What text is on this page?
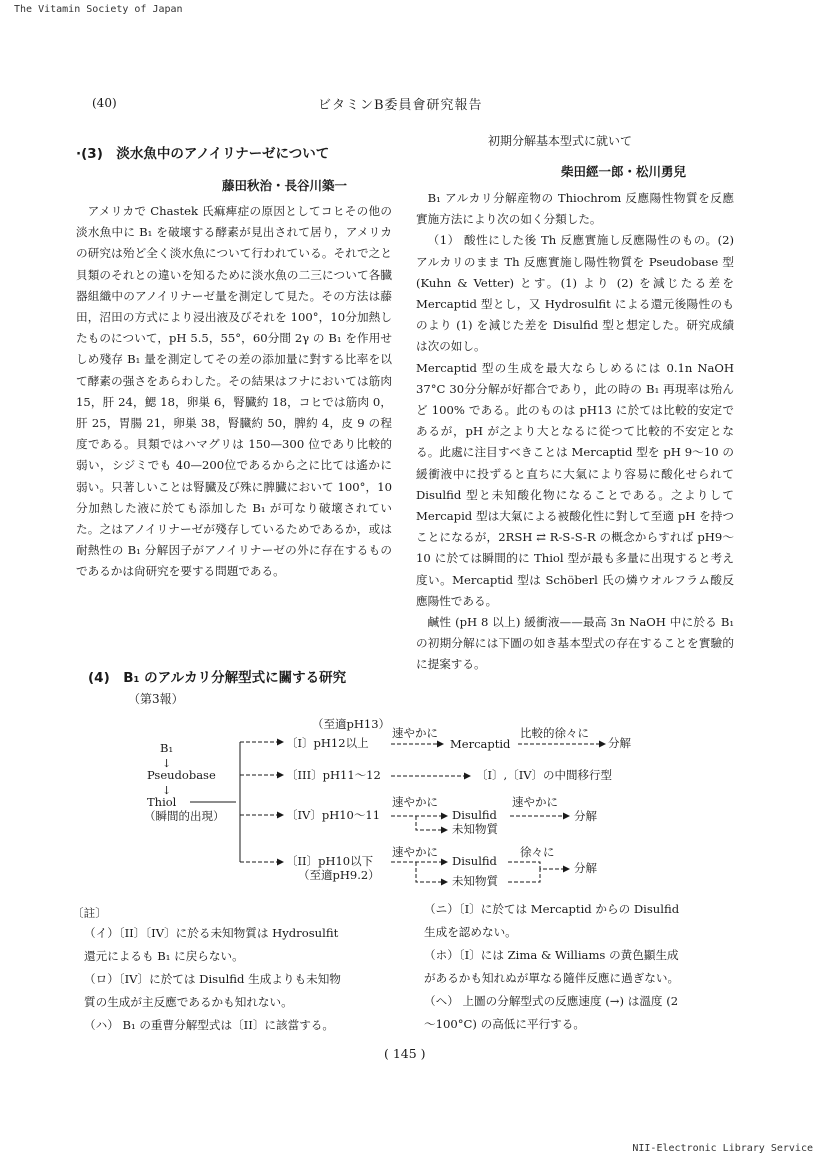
The Vitamin Society of Japan
(40)	ビタミンB委員會研究報告
·(3)　淡水魚中のアノイリナーゼについて
藤田秋治・長谷川築一

アメリカで Chastek 氏痲痺症の原因としてコヒその他の淡水魚中に B₁ を破壞する酵素が見出されて居り，アメリカの研究は殆ど全く淡水魚について行われている。それで之と貝類のそれとの違いを知るために淡水魚の二三について各臓器組織中のアノイリナーゼ量を測定して見た。その方法は藤田，沼田の方式により浸出液及びそれを 100°，10分加熱したものについて，pH 5.5，55°，60分間 2γ の B₁ を作用せしめ殘存 B₁ 量を測定してその差の添加量に對する比率を以て酵素の强さをあらわした。その結果はフナにおいては筋肉 15，肝 24，鰓 18，卵巣 6，腎臓約 18，コヒでは筋肉 0，肝 25，胃腸 21，卵巣 38，腎臓約 50，脾約 4，皮 9 の程度である。貝類ではハマグリは 150—300 位であり比較的弱い，シジミでも 40—200位であるから之に比ては遙かに弱い。只著しいことは腎臓及び殊に脾臓において 100°，10分加熱した液に於ても添加した B₁ が可なり破壞されていた。之はアノイリナーゼが殘存しているためであるか，或は耐熱性の B₁ 分解因子がアノイリナーゼの外に存在するものであるかは尙研究を要する問題である。

(4)　B₁ のアルカリ分解型式に關する研究
（第3報）
初期分解基本型式に就いて
柴田經一郎・松川勇兒

B₁ アルカリ分解産物の Thiochrom 反應陽性物質を反應實施方法により次の如く分類した。

（1） 酸性にした後 Th 反應實施し反應陽性のもの。(2) アルカリのまま Th 反應實施し陽性物質を Pseudobase 型 (Kuhn & Vetter) とす。(1) より (2) を減じたる差を Mercaptid 型とし，又 Hydrosulfit による還元後陽性のものより (1) を減じた差を Disulfid 型と想定した。研究成績は次の如し。

Mercaptid 型の生成を最大ならしめるには 0.1n NaOH 37°C 30分分解が好都合であり，此の時の B₁ 再現率は殆んど 100% である。此のものは pH13 に於ては比較的安定であるが，pH が之より大となるに從つて比較的不安定となる。此處に注目すべきことは Mercaptid 型を pH 9〜10 の緩衝液中に投ずると直ちに大氣により容易に酸化せられて Disulfid 型と未知酸化物になることである。之よりして Mercapid 型は大氣による被酸化性に對して至適 pH を持つことになるが，2RSH ⇄ R-S-S-R の概念からすれば pH9〜10 に於ては瞬間的に Thiol 型が最も多量に出現すると考え度い。Mercaptid 型は Schöberl 氏の燐ウオルフラム酸反應陽性である。

鹹性 (pH 8 以上) 緩衝液——最高 3n NaOH 中に於る B₁ の初期分解には下圖の如き基本型式の存在することを實驗的に提案する。

（至適pH13）
B₁
↓
Pseudobase
↓
Thiol
（瞬間的出現）
〔I〕pH12以上
速やかに
Mercaptid
比較的徐々に
分解
〔III〕pH11〜12	〔I〕,〔IV〕の中間移行型
〔IV〕pH10〜11
速やかに
Disulfid
未知物質
速やかに
分解
〔II〕pH10以下
（至適pH9.2）
速やかに
Disulfid
未知物質
徐々に
分解
〔註〕
（イ）〔II〕〔IV〕に於る未知物質は Hydrosulfit
還元によるも B₁ に戻らない。
（ロ）〔IV〕に於ては Disulfid 生成よりも未知物
質の生成が主反應であるかも知れない。
（ハ） B₁ の重曹分解型式は〔II〕に該當する。
（ニ）〔I〕に於ては Mercaptid からの Disulfid
生成を認めない。
（ホ）〔I〕には Zima & Williams の黄色顯生成
があるかも知れぬが單なる隨伴反應に過ぎない。
（ヘ） 上圖の分解型式の反應速度 (→) は溫度 (2
〜100°C) の高低に平行する。
( 145 )
NII-Electronic Library Service
